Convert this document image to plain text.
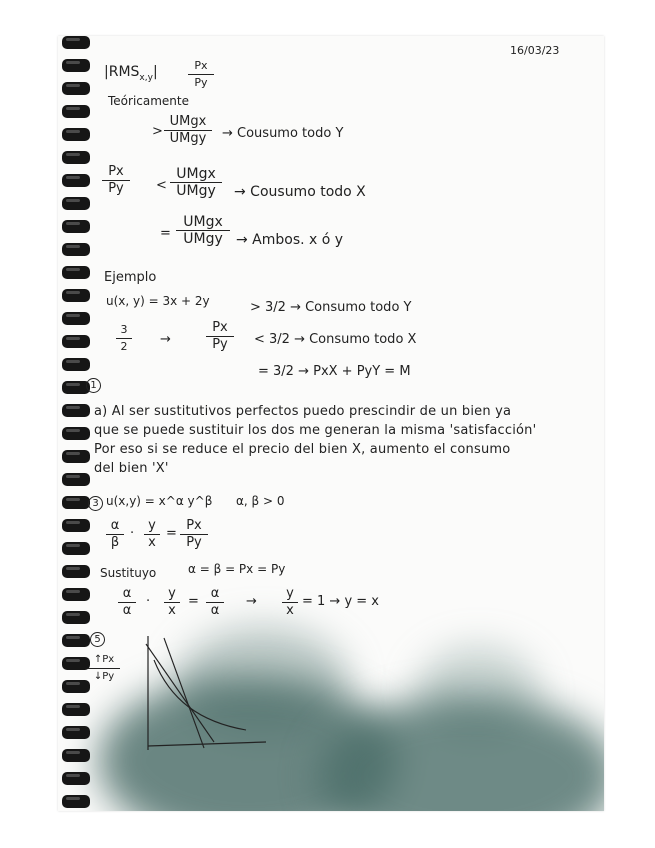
16/03/23
$|RMS_{x,y}|$	$\frac{Px}{Py}$
Teóricamente
$\frac{Px}{Py}$
>
UMgx
UMgy	→ Cousumo todo Y
<
UMgx
UMgy	→ Cousumo todo X
=
UMgx
UMgy → Ambos. x ó y
Ejemplo
u(x, y) = 3x + 2y
$\frac{3}{2}$ →	$\frac{Px}{Py}$
> 3/2 → Consumo todo Y
< 3/2 → Consumo todo X
= 3/2 → PxX + PyY = M
1
a) Al ser sustitutivos perfectos puedo prescindir de un bien ya
que se puede sustituir los dos me generan la misma 'satisfacción'
Por eso si se reduce el precio del bien X, aumento el consumo
del bien 'X'
3 u(x,y) = x^α y^β α, β > 0
$\frac{\alpha}{\beta} \cdot \frac{y}{x} = \frac{Px}{Py}$
Sustituyo	α = β = Px = Py
$\frac{\alpha}{\alpha} \cdot \frac{y}{x} = \frac{\alpha}{\alpha} \to \frac{y}{x} = 1 \to y = x$
5
$\frac{↑Px}{↓Py}$
